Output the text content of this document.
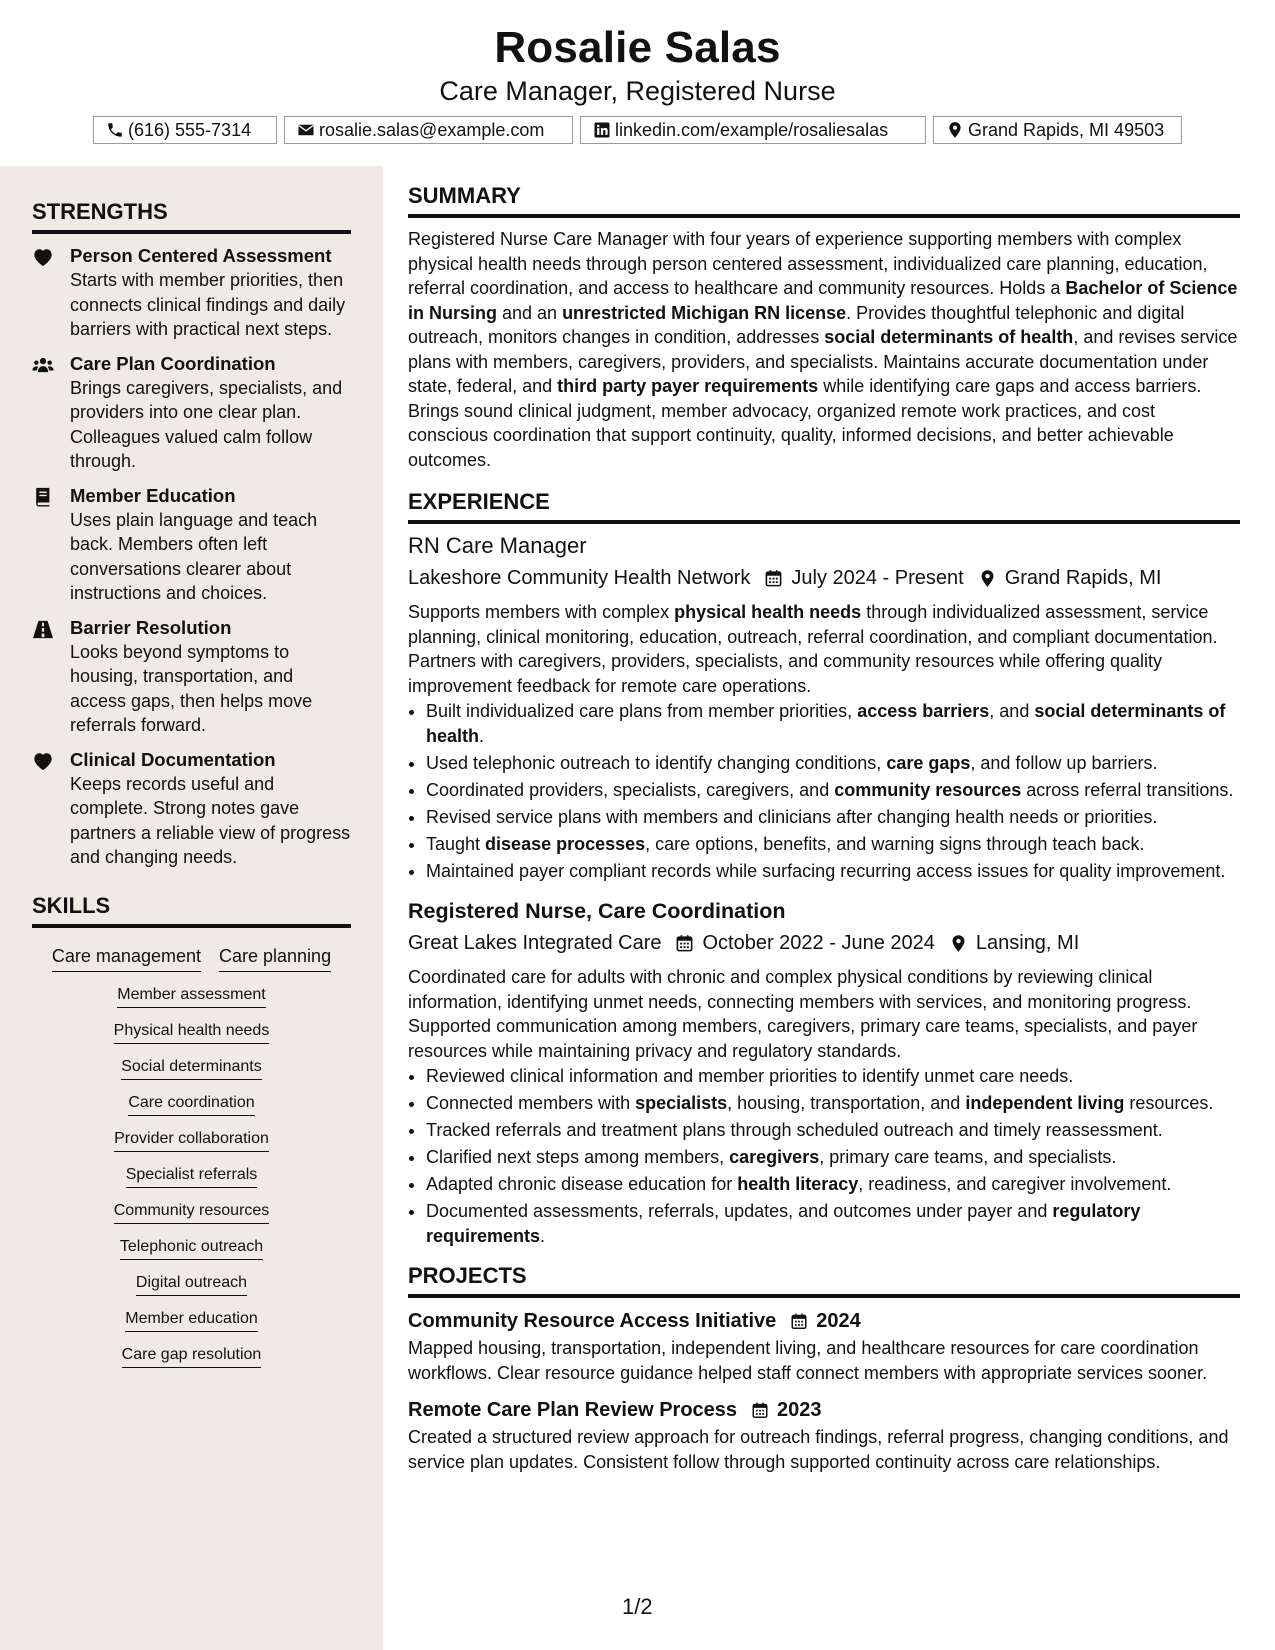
Rosalie Salas
Care Manager, Registered Nurse
(616) 555-7314	rosalie.salas@example.com	linkedin.com/example/rosaliesalas	Grand Rapids, MI 49503
STRENGTHS
Person Centered Assessment
Starts with member priorities, then connects clinical findings and daily barriers with practical next steps.
Care Plan Coordination
Brings caregivers, specialists, and providers into one clear plan. Colleagues valued calm follow through.
Member Education
Uses plain language and teach back. Members often left conversations clearer about instructions and choices.
Barrier Resolution
Looks beyond symptoms to housing, transportation, and access gaps, then helps move referrals forward.
Clinical Documentation
Keeps records useful and complete. Strong notes gave partners a reliable view of progress and changing needs.
SKILLS
Care management Care planning
Member assessment
Physical health needs
Social determinants
Care coordination
Provider collaboration
Specialist referrals
Community resources
Telephonic outreach
Digital outreach
Member education
Care gap resolution
SUMMARY
Registered Nurse Care Manager with four years of experience supporting members with complex physical health needs through person centered assessment, individualized care planning, education, referral coordination, and access to healthcare and community resources. Holds a Bachelor of Science in Nursing and an unrestricted Michigan RN license. Provides thoughtful telephonic and digital outreach, monitors changes in condition, addresses social determinants of health, and revises service plans with members, caregivers, providers, and specialists. Maintains accurate documentation under state, federal, and third party payer requirements while identifying care gaps and access barriers. Brings sound clinical judgment, member advocacy, organized remote work practices, and cost conscious coordination that support continuity, quality, informed decisions, and better achievable outcomes.
EXPERIENCE
RN Care Manager
Lakeshore Community Health Network July 2024 - Present Grand Rapids, MI
Supports members with complex physical health needs through individualized assessment, service planning, clinical monitoring, education, outreach, referral coordination, and compliant documentation. Partners with caregivers, providers, specialists, and community resources while offering quality improvement feedback for remote care operations.
• Built individualized care plans from member priorities, access barriers, and social determinants of health.
• Used telephonic outreach to identify changing conditions, care gaps, and follow up barriers.
• Coordinated providers, specialists, caregivers, and community resources across referral transitions.
• Revised service plans with members and clinicians after changing health needs or priorities.
• Taught disease processes, care options, benefits, and warning signs through teach back.
• Maintained payer compliant records while surfacing recurring access issues for quality improvement.
Registered Nurse, Care Coordination
Great Lakes Integrated Care October 2022 - June 2024 Lansing, MI
Coordinated care for adults with chronic and complex physical conditions by reviewing clinical information, identifying unmet needs, connecting members with services, and monitoring progress. Supported communication among members, caregivers, primary care teams, specialists, and payer resources while maintaining privacy and regulatory standards.
• Reviewed clinical information and member priorities to identify unmet care needs.
• Connected members with specialists, housing, transportation, and independent living resources.
• Tracked referrals and treatment plans through scheduled outreach and timely reassessment.
• Clarified next steps among members, caregivers, primary care teams, and specialists.
• Adapted chronic disease education for health literacy, readiness, and caregiver involvement.
• Documented assessments, referrals, updates, and outcomes under payer and regulatory requirements.
PROJECTS
Community Resource Access Initiative 2024
Mapped housing, transportation, independent living, and healthcare resources for care coordination workflows. Clear resource guidance helped staff connect members with appropriate services sooner.
Remote Care Plan Review Process 2023
Created a structured review approach for outreach findings, referral progress, changing conditions, and service plan updates. Consistent follow through supported continuity across care relationships.
1/2
